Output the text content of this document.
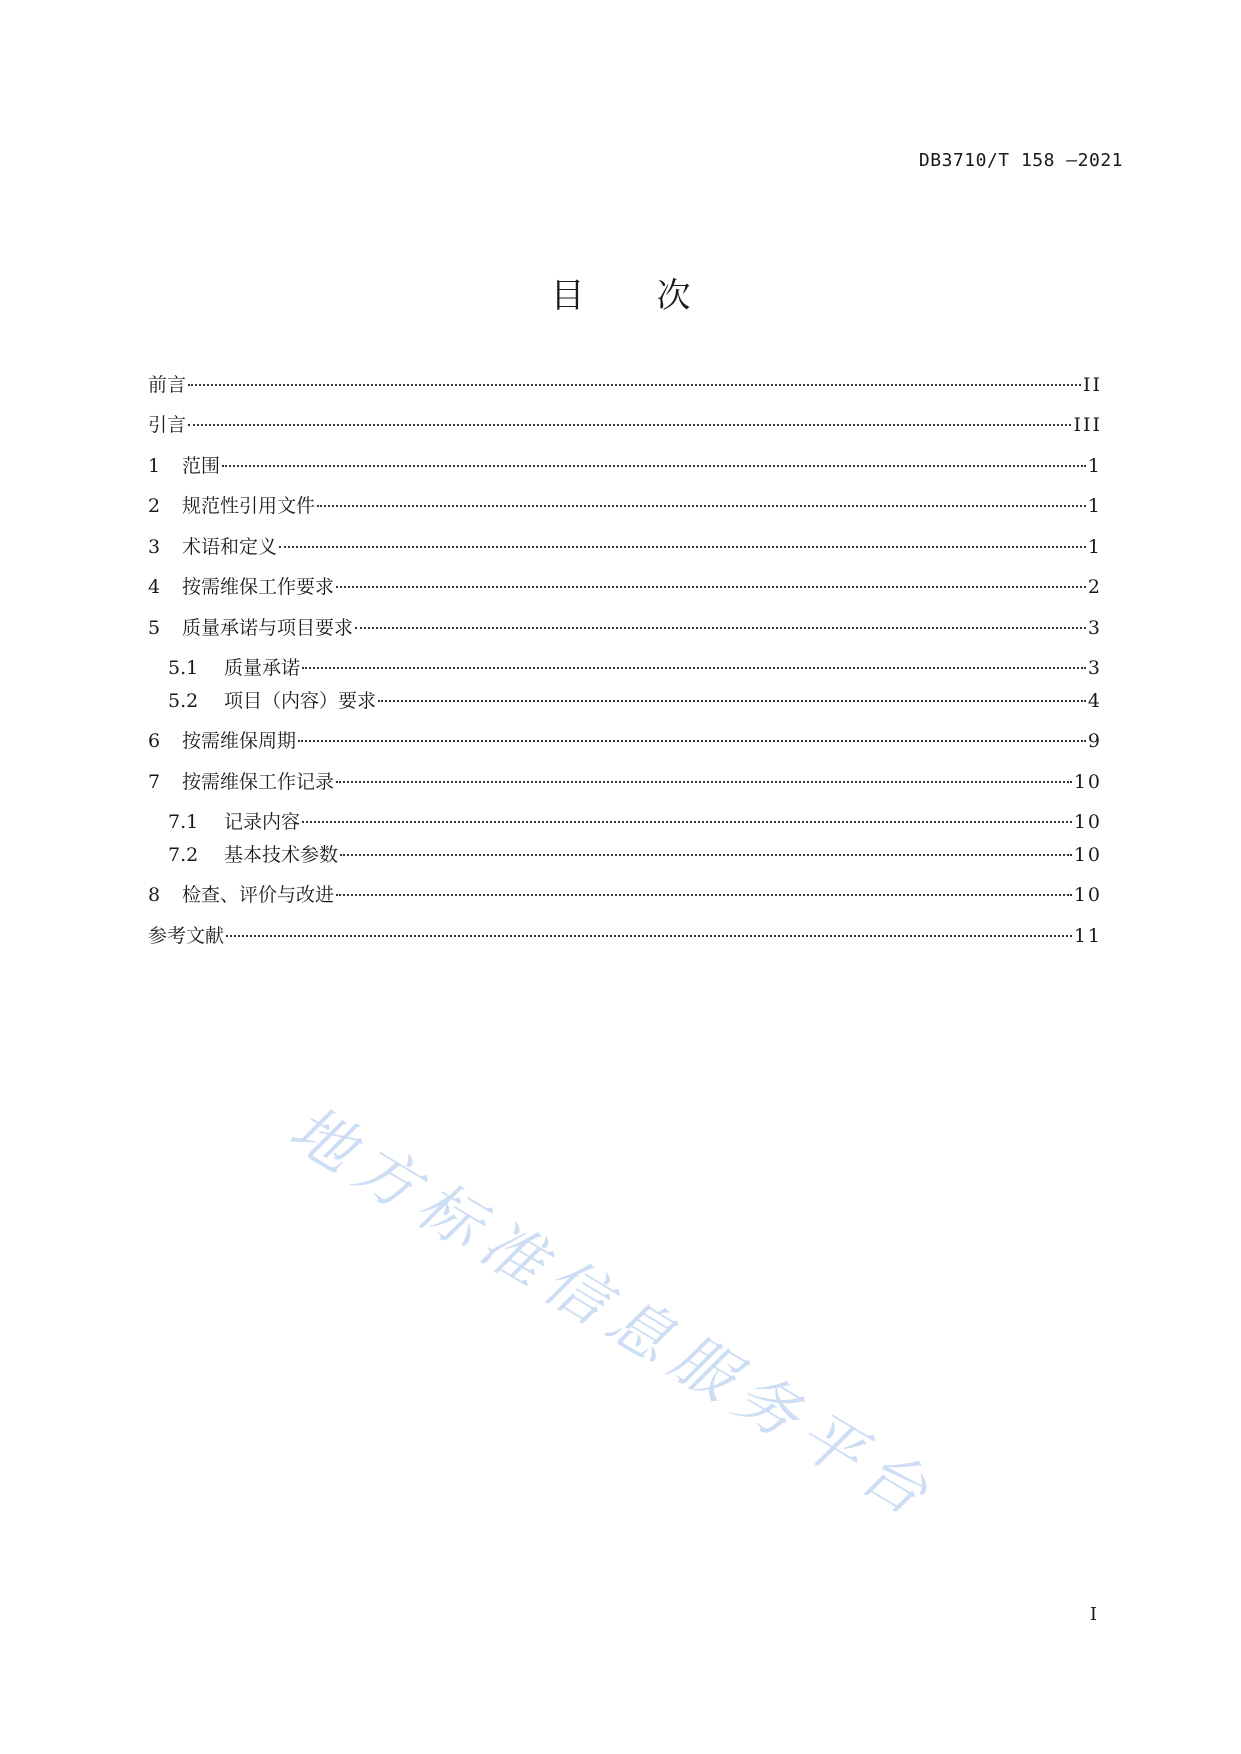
DB3710/T 158 —2021
目 次
前言	II
引言	III
1	范围	1
2	规范性引用文件	1
3	术语和定义	1
4	按需维保工作要求	2
5	质量承诺与项目要求	3
5.1	质量承诺	3
5.2	项目（内容）要求	4
6	按需维保周期	9
7	按需维保工作记录	10
7.1	记录内容	10
7.2	基本技术参数	10
8	检查、评价与改进	10
参考文献	11
地方标准信息服务平台
I
